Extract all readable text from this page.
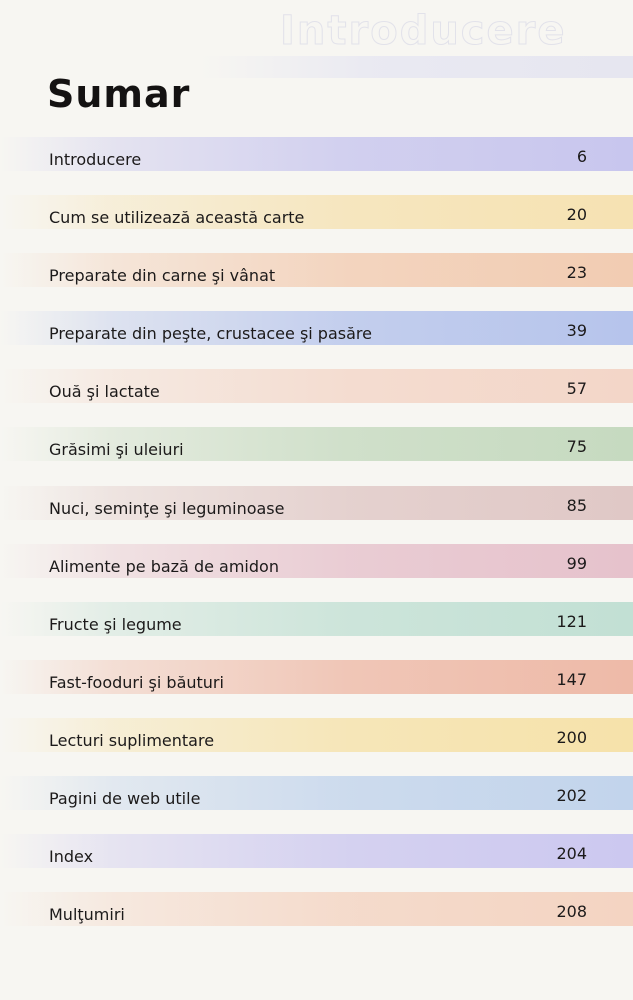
Introducere
Sumar
Introducere	6
Cum se utilizează această carte	20
Preparate din carne şi vânat	23
Preparate din peşte, crustacee şi pasăre	39
Ouă şi lactate	57
Grăsimi şi uleiuri	75
Nuci, seminţe şi leguminoase	85
Alimente pe bază de amidon	99
Fructe şi legume	121
Fast-fooduri şi băuturi	147
Lecturi suplimentare	200
Pagini de web utile	202
Index	204
Mulţumiri	208
